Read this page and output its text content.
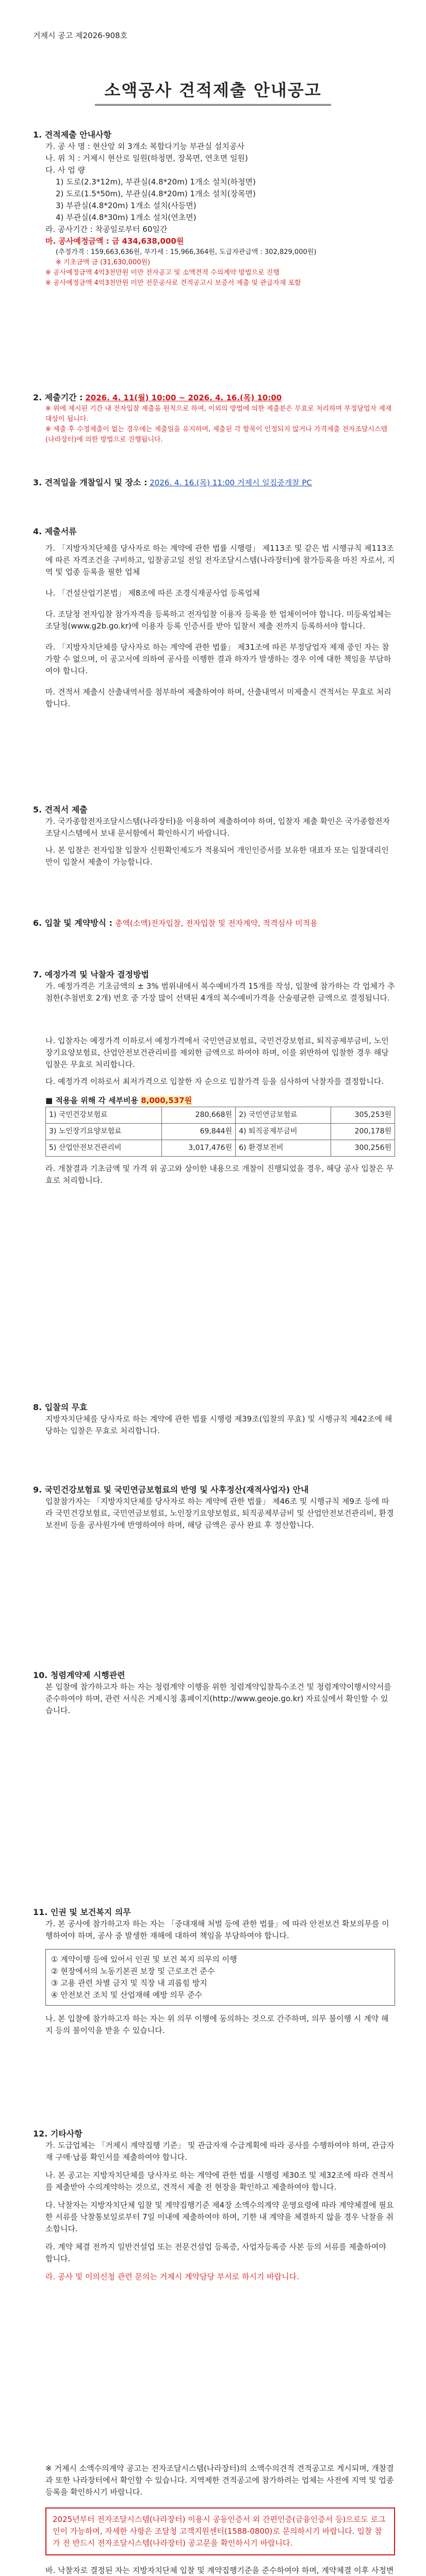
거제시 공고 제2026-908호
소액공사 견적제출 안내공고
1. 견적제출 안내사항
가. 공 사 명 : 현산앞 외 3개소 복합다기능 부관실 설치공사
나. 위 치 : 거제시 현산로 일원(하청면, 장목면, 연초면 일원)
다. 사 업 량
1) 도로(2.3*12m), 부관실(4.8*20m) 1개소 설치(하청면)
2) 도로(1.5*50m), 부관실(4.8*20m) 1개소 설치(장목면)
3) 부관실(4.8*20m) 1개소 설치(사등면)
4) 부관실(4.8*30m) 1개소 설치(연초면)
라. 공사기간 : 착공일로부터 60일간
마. 공사예정금액 : 금 434,638,000원
(추정가격 : 159,663,636원, 부가세 : 15,966,364원, 도급자관급액 : 302,829,000원)
※ 기초금액 금 (31,630,000원)
※ 공사예정금액 4억3천만원 미만 전자공고 및 소액견적 수의계약 방법으로 진행
※ 공사예정금액 4억3천만원 미만 전문공사로 견적공고시 보증서 제출 및 관급자재 포함
2. 제출기간 : 2026. 4. 11(월) 10:00 ~ 2026. 4. 16.(목) 10:00
※ 위에 제시된 기간 내 전자입찰 제출을 원칙으로 하며, 이외의 방법에 의한 제출분은 무효로 처리하며 부정당업자 제재 대상이 됩니다.
※ 제출 후 수정제출이 없는 경우에는 제출일을 유지하며, 제출된 각 항목이 인정되지 않거나 가격제출 전자조달시스템(나라장터)에 의한 방법으로 진행됩니다.
3. 견적일을 개찰일시 및 장소 : 2026. 4. 16.(목) 11:00 거제시 일집중개찰 PC
4. 제출서류
가. 「지방자치단체를 당사자로 하는 계약에 관한 법률 시행령」 제113조 및 같은 법 시행규칙 제113조에 따른 자격조건을 구비하고, 입찰공고일 전일 전자조달시스템(나라장터)에 참가등록을 마친 자로서, 지역 및 업종 등록을 필한 업체
나. 「건설산업기본법」 제8조에 따른 조경식재공사업 등록업체
다. 조달청 전자입찰 참가자격을 등록하고 전자입찰 이용자 등록을 한 업체이어야 합니다. 미등록업체는 조달청(www.g2b.go.kr)에 이용자 등록 인증서를 받아 입찰서 제출 전까지 등록하셔야 합니다.
라. 「지방자치단체를 당사자로 하는 계약에 관한 법률」 제31조에 따른 부정당업자 제재 중인 자는 참가할 수 없으며, 이 공고서에 의하여 공사를 이행한 결과 하자가 발생하는 경우 이에 대한 책임을 부담하여야 합니다.
마. 견적서 제출시 산출내역서를 첨부하여 제출하여야 하며, 산출내역서 미제출시 견적서는 무효로 처리합니다.
5. 견적서 제출
가. 국가종합전자조달시스템(나라장터)을 이용하여 제출하여야 하며, 입찰자 제출 확인은 국가종합전자조달시스템에서 보내 문서함에서 확인하시기 바랍니다.
나. 본 입찰은 전자입찰 입찰자 신원확인제도가 적용되어 개인인증서를 보유한 대표자 또는 입찰대리인만이 입찰서 제출이 가능합니다.
6. 입찰 및 계약방식 : 총액(소액)전자입찰, 전자입찰 및 전자계약, 적격심사 미적용
7. 예정가격 및 낙찰자 결정방법
가. 예정가격은 기초금액의 ± 3% 범위내에서 복수예비가격 15개를 작성, 입찰에 참가하는 각 업체가 추첨한(추첨번호 2개) 번호 중 가장 많이 선택된 4개의 복수예비가격을 산술평균한 금액으로 결정됩니다.
나. 입찰자는 예정가격 이하로서 예정가격에서 국민연금보험료, 국민건강보험료, 퇴직공제부금비, 노인장기요양보험료, 산업안전보건관리비를 제외한 금액으로 하여야 하며, 이를 위반하여 입찰한 경우 해당 입찰은 무효로 처리합니다.
다. 예정가격 이하로서 최저가격으로 입찰한 자 순으로 입찰가격 등을 심사하여 낙찰자를 결정합니다.
■ 적용을 위해 각 세부비용 8,000,537원
1) 국민건강보험료	280,668원	2) 국민연금보험료	305,253원
3) 노인장기요양보험료	69,844원	4) 퇴직공제부금비	200,178원
5) 산업안전보건관리비	3,017,476원	6) 환경보전비	300,256원
라. 개찰결과 기초금액 및 가격 위 공고와 상이한 내용으로 개찰이 진행되었을 경우, 해당 공사 입찰은 무효로 처리합니다.
8. 입찰의 무효
지방자치단체를 당사자로 하는 계약에 관한 법률 시행령 제39조(입찰의 무효) 및 시행규칙 제42조에 해당하는 입찰은 무효로 처리합니다.
9. 국민건강보험료 및 국민연금보험료의 반영 및 사후정산(재적사업자) 안내
입찰참가자는 「지방자치단체를 당사자로 하는 계약에 관한 법률」 제46조 및 시행규칙 제9조 등에 따라 국민건강보험료, 국민연금보험료, 노인장기요양보험료, 퇴직공제부금비 및 산업안전보건관리비, 환경보전비 등을 공사원가에 반영하여야 하며, 해당 금액은 공사 완료 후 정산합니다.
10. 청렴계약제 시행관련
본 입찰에 참가하고자 하는 자는 청렴계약 이행을 위한 청렴계약입찰특수조건 및 청렴계약이행서약서를 준수하여야 하며, 관련 서식은 거제시청 홈페이지(http://www.geoje.go.kr) 자료실에서 확인할 수 있습니다.
11. 인권 및 보건복지 의무
가. 본 공사에 참가하고자 하는 자는 「중대재해 처벌 등에 관한 법률」에 따라 안전보건 확보의무를 이행하여야 하며, 공사 중 발생한 재해에 대하여 책임을 부담하여야 합니다.
① 계약이행 등에 있어서 인권 및 보건 복지 의무의 이행
② 현장에서의 노동기본권 보장 및 근로조건 준수
③ 고용 관련 차별 금지 및 직장 내 괴롭힘 방지
④ 안전보건 조치 및 산업재해 예방 의무 준수
나. 본 입찰에 참가하고자 하는 자는 위 의무 이행에 동의하는 것으로 간주하며, 의무 불이행 시 계약 해지 등의 불이익을 받을 수 있습니다.
12. 기타사항
가. 도급업체는 「거제시 계약집행 기준」 및 관급자재 수급계획에 따라 공사를 수행하여야 하며, 관급자재 구매·납품 확인서를 제출하여야 합니다.
나. 본 공고는 지방자치단체를 당사자로 하는 계약에 관한 법률 시행령 제30조 및 제32조에 따라 견적서를 제출받아 수의계약하는 것으로, 견적서 제출 전 현장을 확인하고 제출하여야 합니다.
다. 낙찰자는 지방자치단체 입찰 및 계약집행기준 제4장 소액수의계약 운영요령에 따라 계약체결에 필요한 서류를 낙찰통보일로부터 7일 이내에 제출하여야 하며, 기한 내 계약을 체결하지 않을 경우 낙찰을 취소합니다.
라. 계약 체결 전까지 일반건설업 또는 전문건설업 등록증, 사업자등록증 사본 등의 서류를 제출하여야 합니다.
라. 공사 및 이의신청 관련 문의는 거제시 계약담당 부서로 하시기 바랍니다.
※ 거제시 소액수의계약 공고는 전자조달시스템(나라장터)의 소액수의견적 견적공고로 게시되며, 개찰결과 또한 나라장터에서 확인할 수 있습니다. 지역제한 견적공고에 참가하려는 업체는 사전에 지역 및 업종 등록을 확인하시기 바랍니다.
2025년부터 전자조달시스템(나라장터) 이용시 공동인증서 외 간편인증(금융인증서 등)으로도 로그인이 가능하며, 자세한 사항은 조달청 고객지원센터(1588-0800)로 문의하시기 바랍니다. 입찰 참가 전 반드시 전자조달시스템(나라장터) 공고문을 확인하시기 바랍니다.
바. 낙찰자로 결정된 자는 지방자치단체 입찰 및 계약집행기준을 준수하여야 하며, 계약체결 이후 사정변
